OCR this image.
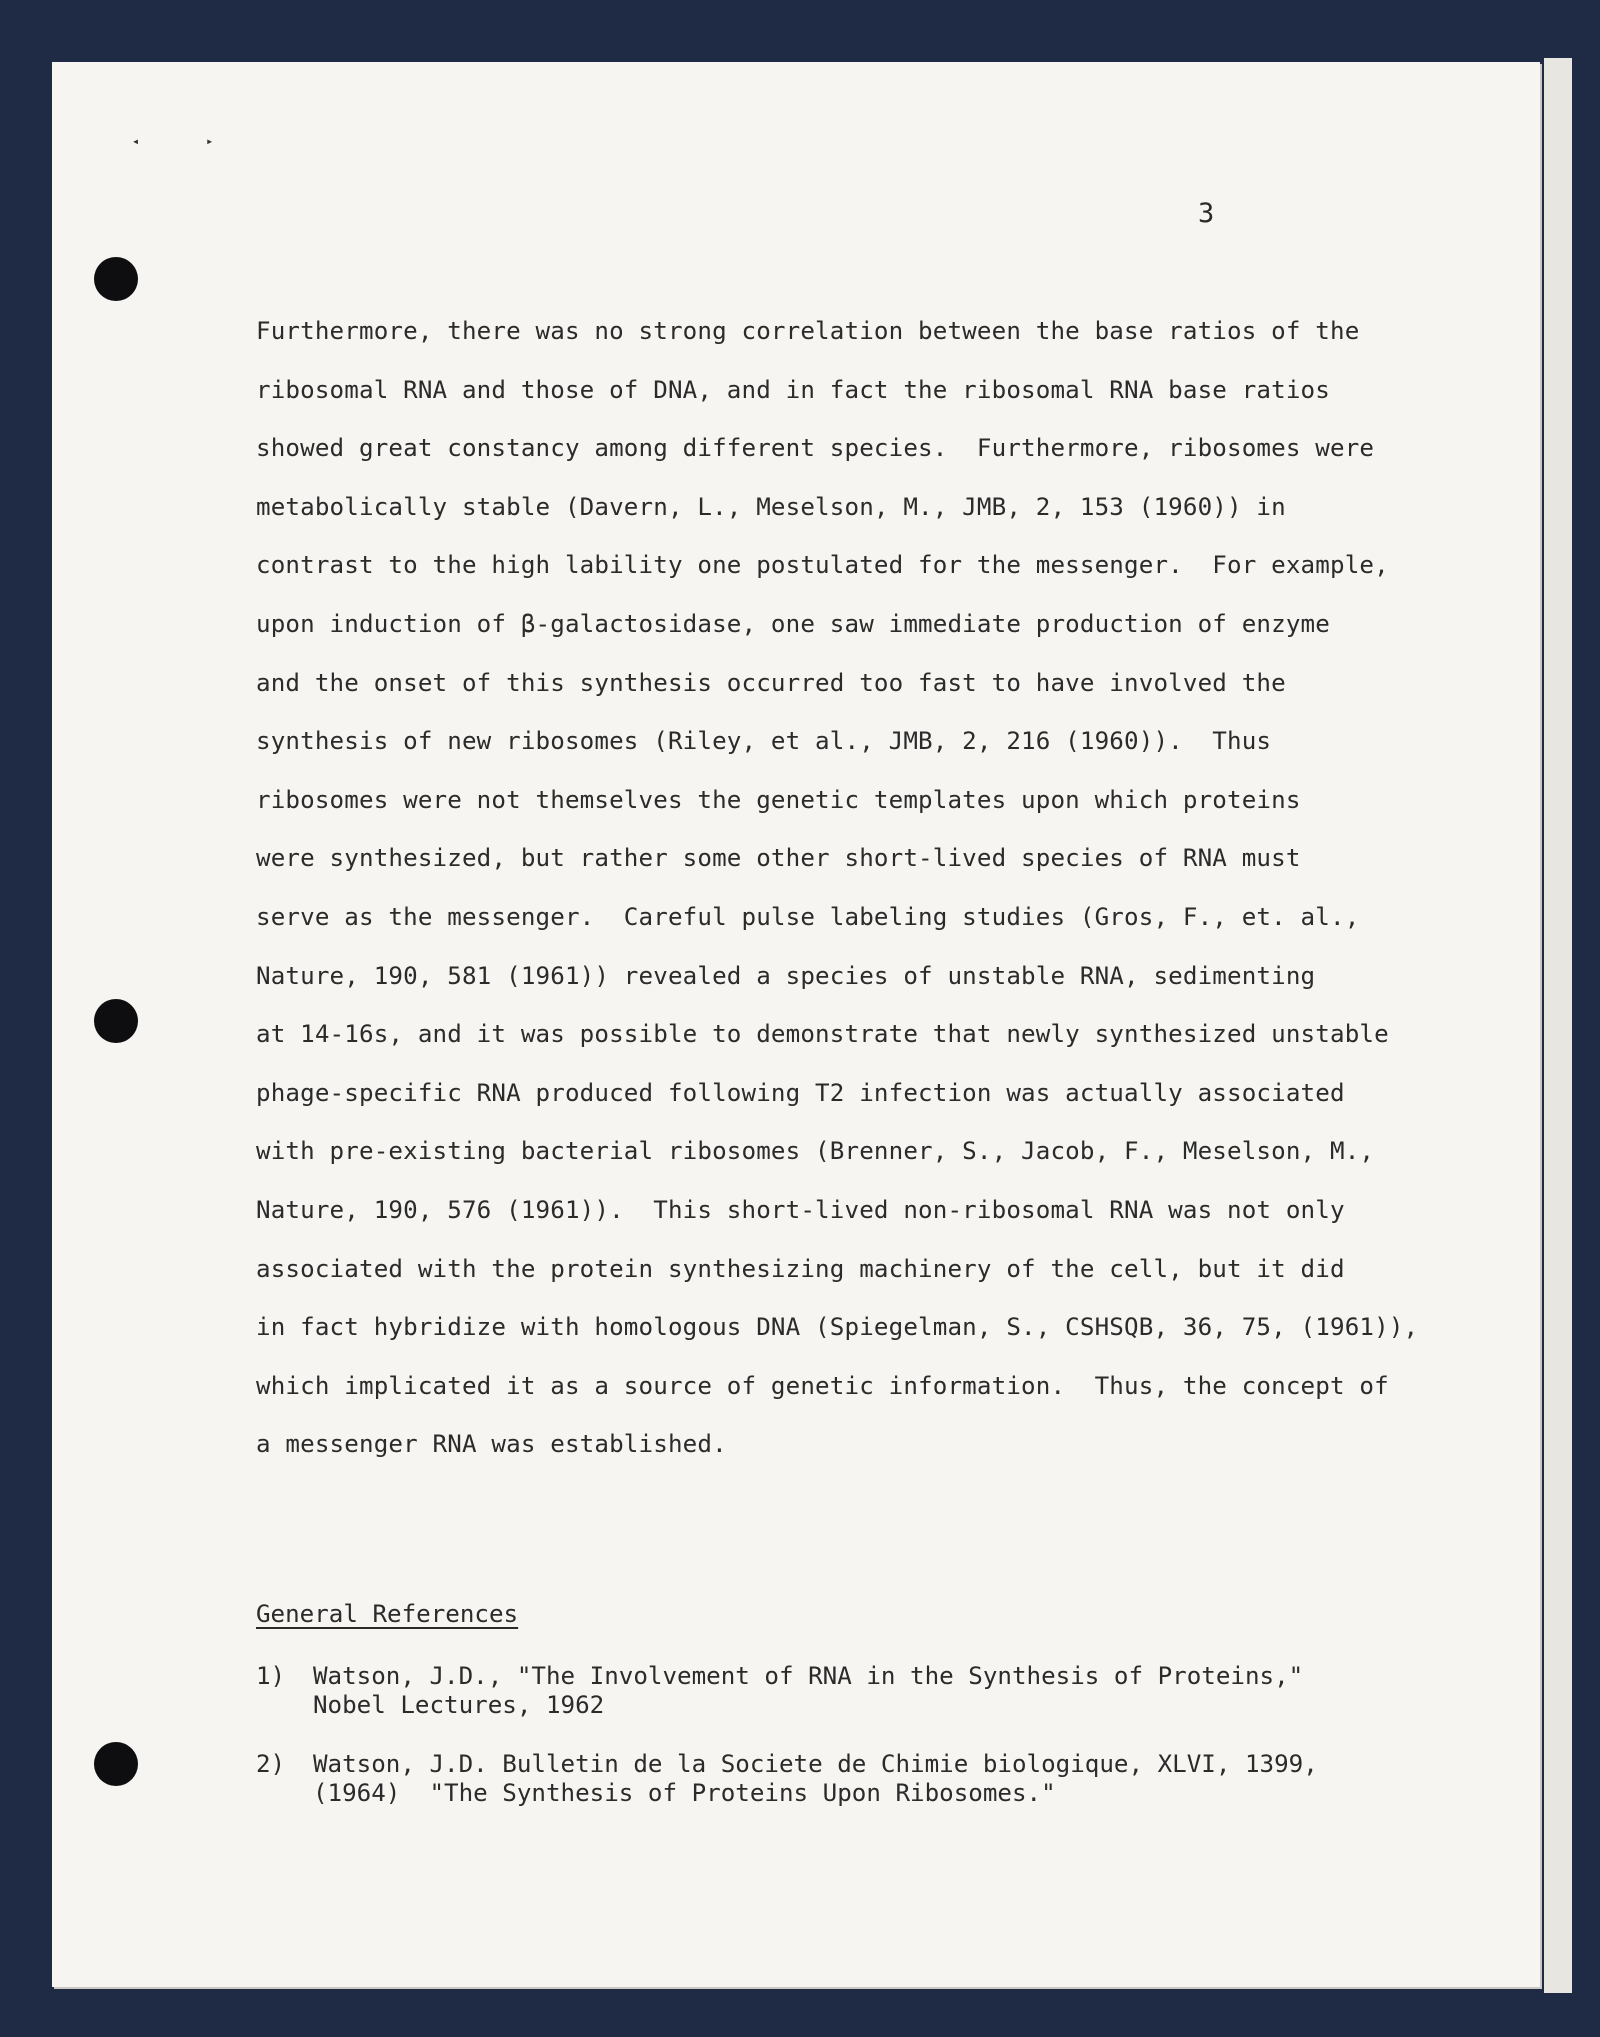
◂	▸
3
Furthermore, there was no strong correlation between the base ratios of the
ribosomal RNA and those of DNA, and in fact the ribosomal RNA base ratios
showed great constancy among different species.  Furthermore, ribosomes were
metabolically stable (Davern, L., Meselson, M., JMB, 2, 153 (1960)) in
contrast to the high lability one postulated for the messenger.  For example,
upon induction of β-galactosidase, one saw immediate production of enzyme
and the onset of this synthesis occurred too fast to have involved the
synthesis of new ribosomes (Riley, et al., JMB, 2, 216 (1960)).  Thus
ribosomes were not themselves the genetic templates upon which proteins
were synthesized, but rather some other short-lived species of RNA must
serve as the messenger.  Careful pulse labeling studies (Gros, F., et. al.,
Nature, 190, 581 (1961)) revealed a species of unstable RNA, sedimenting
at 14-16s, and it was possible to demonstrate that newly synthesized unstable
phage-specific RNA produced following T2 infection was actually associated
with pre-existing bacterial ribosomes (Brenner, S., Jacob, F., Meselson, M.,
Nature, 190, 576 (1961)).  This short-lived non-ribosomal RNA was not only
associated with the protein synthesizing machinery of the cell, but it did
in fact hybridize with homologous DNA (Spiegelman, S., CSHSQB, 36, 75, (1961)),
which implicated it as a source of genetic information.  Thus, the concept of
a messenger RNA was established.
General References
1) Watson, J.D., "The Involvement of RNA in the Synthesis of Proteins,"
Nobel Lectures, 1962
2) Watson, J.D. Bulletin de la Societe de Chimie biologique, XLVI, 1399,
(1964)  "The Synthesis of Proteins Upon Ribosomes."
